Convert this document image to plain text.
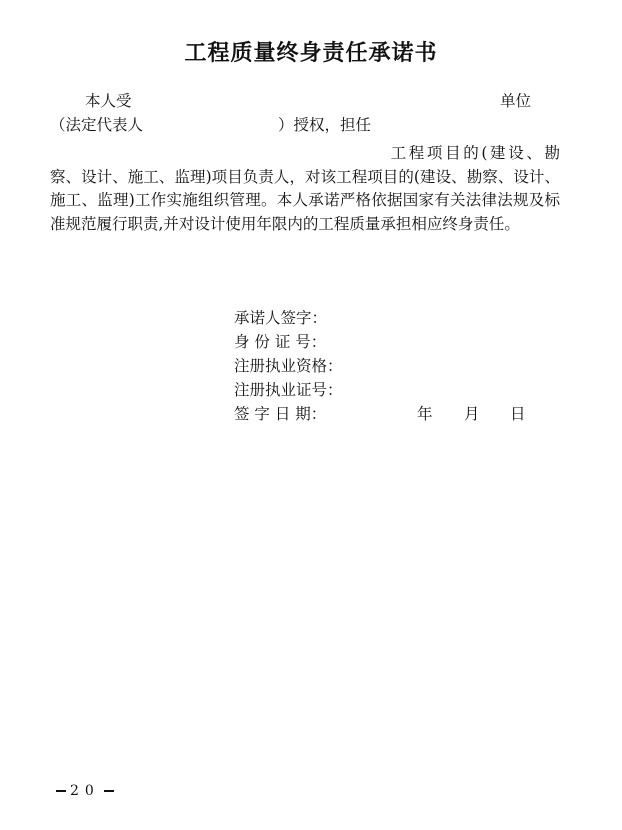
工程质量终身责任承诺书
本人受	单位
（法定代表人	）授权，担任
工程项目的(建设、勘察、设计、施工、监理)项目负责人，对该工程项目的(建设、勘察、设计、施工、监理)工作实施组织管理。本人承诺严格依据国家有关法律法规及标准规范履行职责,并对设计使用年限内的工程质量承担相应终身责任。
承诺人签字：
身 份 证 号：
注册执业资格：
注册执业证号：
签 字 日 期：	年 月 日
20
